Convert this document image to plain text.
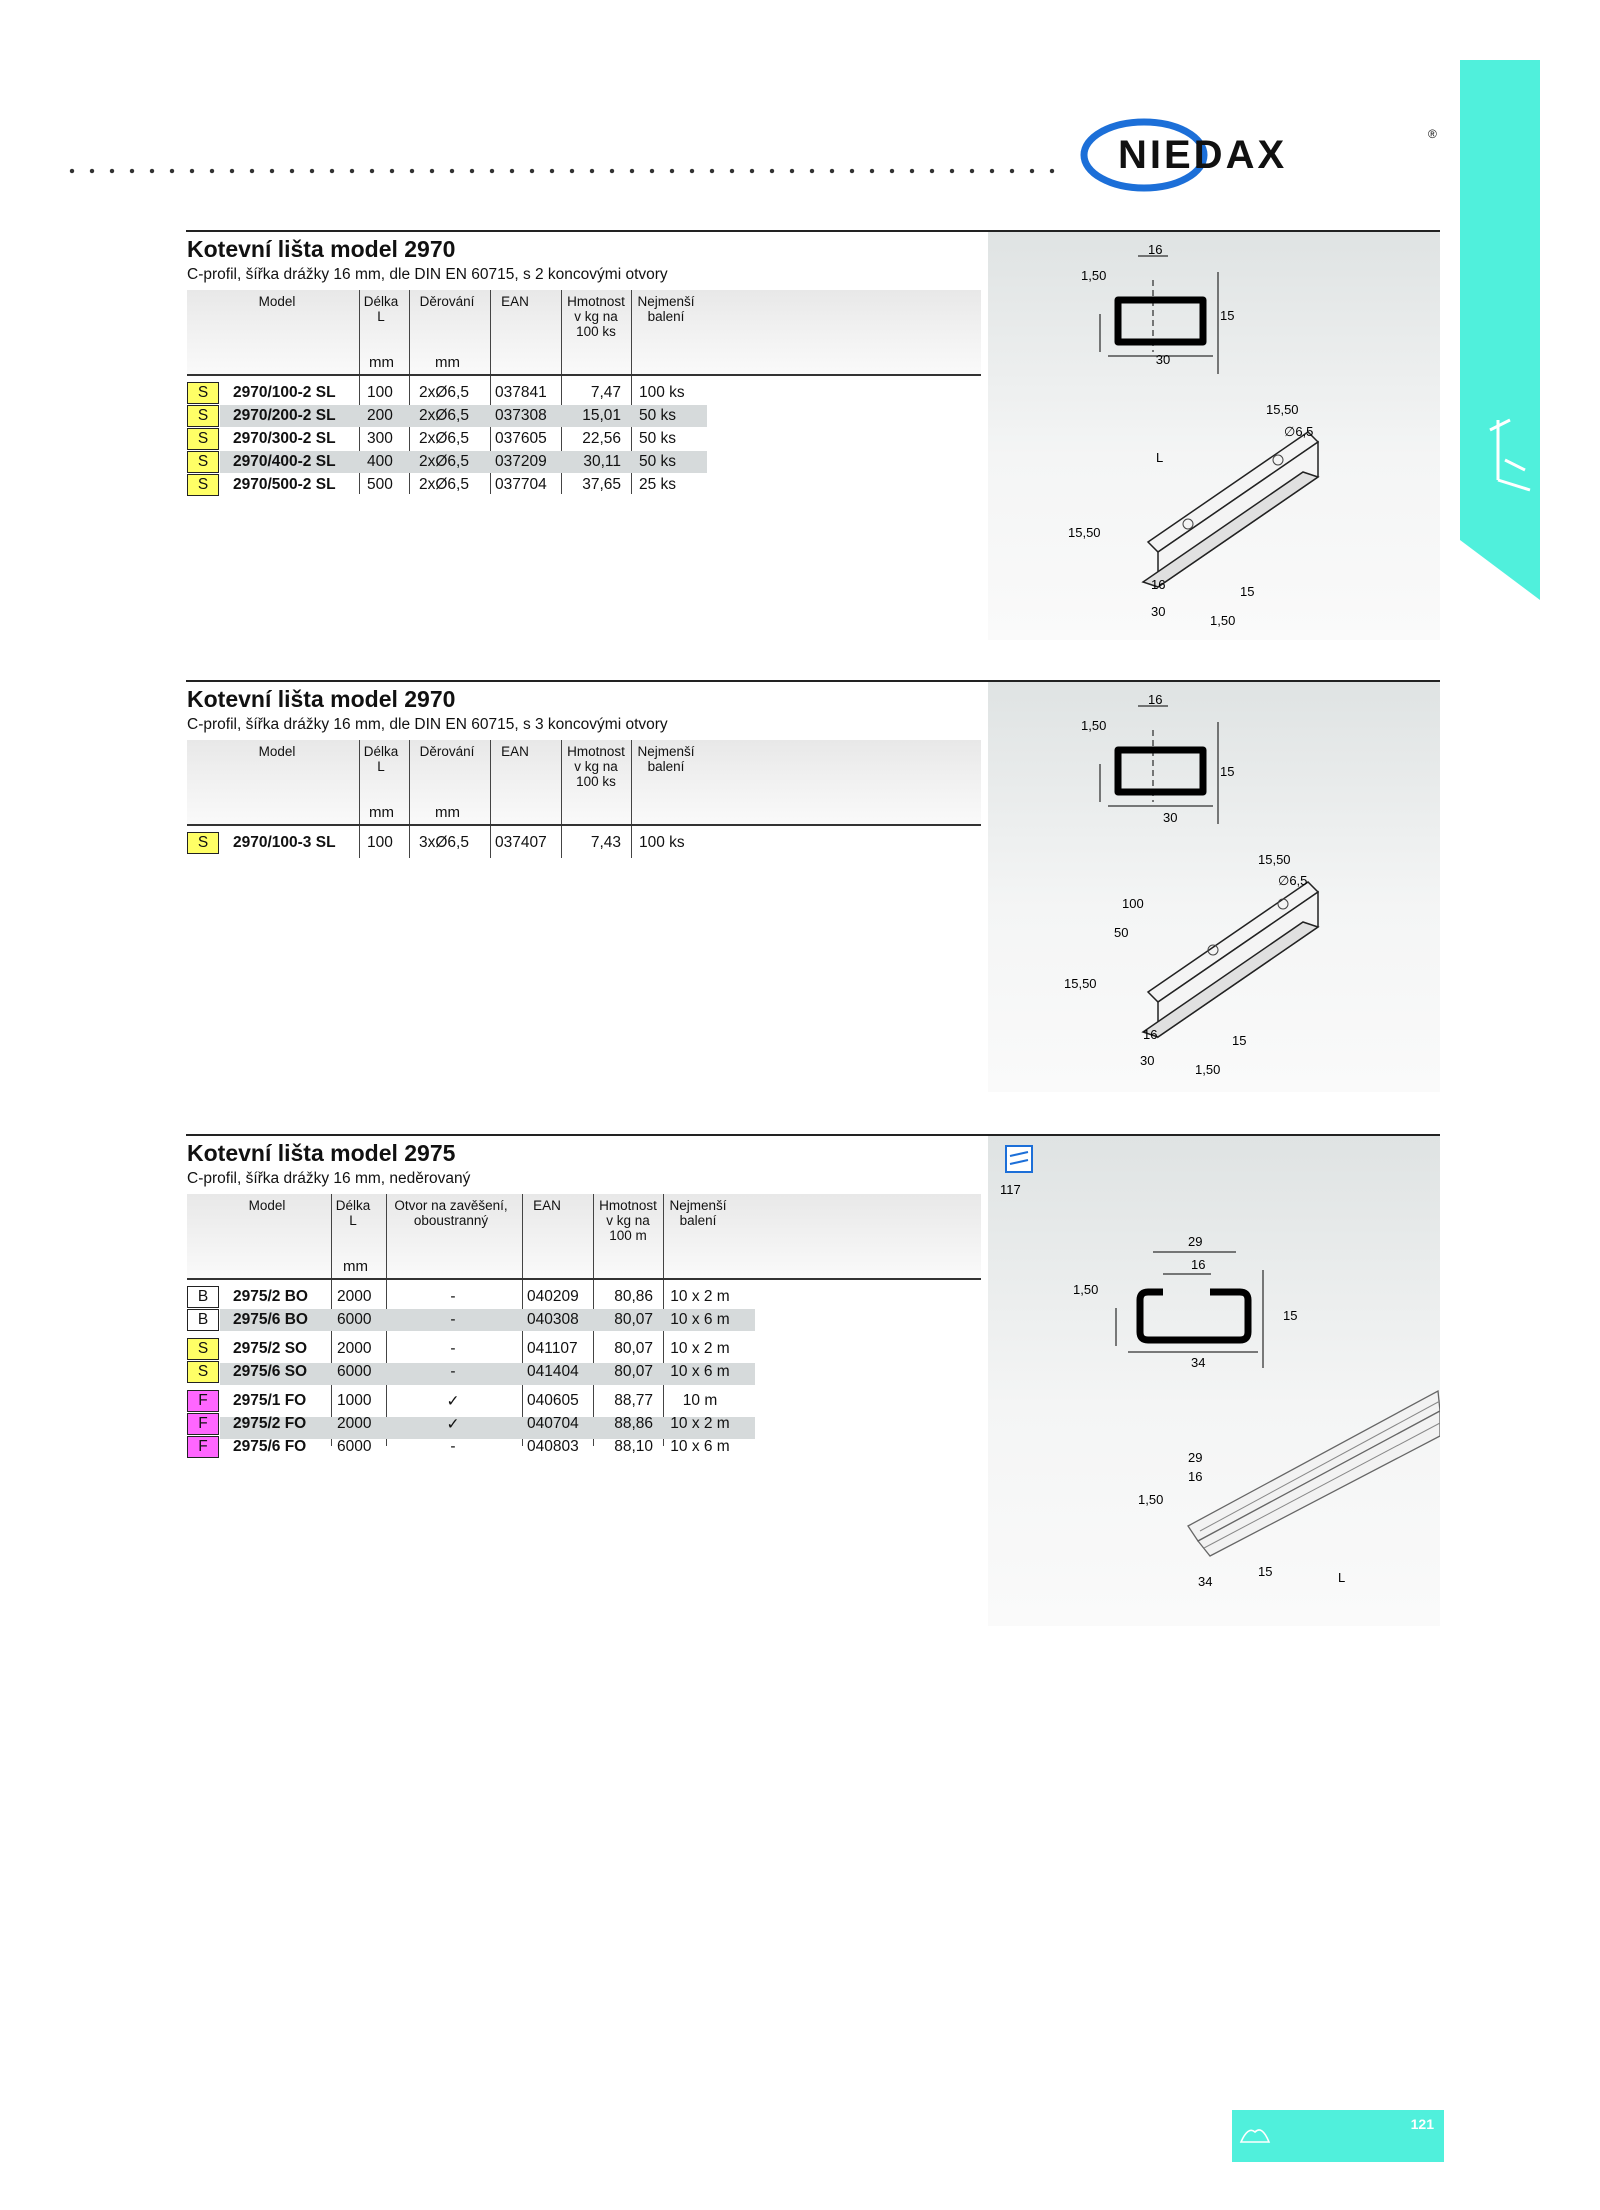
NIEDAX	®
Kotevní lišta model 2970
C-profil, šířka drážky 16 mm, dle DIN EN 60715, s 2 koncovými otvory
Model	Délka L
Děrování	EAN	Hmotnost v kg na 100 ks
Nejmenší balení
mm	mm
S	2970/100-2 SL 100 2xØ6,5 037841	7,47 100 ks
S	2970/200-2 SL 200 2xØ6,5 037308	15,01 50 ks
S	2970/300-2 SL 300 2xØ6,5 037605	22,56 50 ks
S	2970/400-2 SL 400 2xØ6,5 037209	30,11 50 ks
S	2970/500-2 SL 500 2xØ6,5 037704	37,65 25 ks
30
16
1,50
15
15,50
∅6,5
L
15,50
16	15
30
1,50
Kotevní lišta model 2970
C-profil, šířka drážky 16 mm, dle DIN EN 60715, s 3 koncovými otvory
Model	Délka L
Děrování	EAN	Hmotnost v kg na 100 ks
Nejmenší balení
mm	mm
S	2970/100-3 SL 100 3xØ6,5 037407	7,43 100 ks
30
16
1,50
15
15,50
∅6,5
100
50
15,50
16	15
30
1,50
Kotevní lišta model 2975
C-profil, šířka drážky 16 mm, neděrovaný
Model	Délka L
Otvor na zavěšení, oboustranný
EAN	Hmotnost v kg na 100 m
Nejmenší balení
mm
B	2975/2 BO 2000	-	040209	80,86	10 x 2 m
B	2975/6 BO 6000	-	040308	80,07	10 x 6 m
S	2975/2 SO 2000	-	041107	80,07	10 x 2 m
S	2975/6 SO 6000	-	041404	80,07	10 x 6 m
F	2975/1 FO 1000	✓	040605	88,77	10 m
F	2975/2 FO 2000	✓	040704	88,86	10 x 2 m
F	2975/6 FO 6000	-	040803	88,10	10 x 6 m
117
29
16
1,50
15
34
29
16
1,50
15
34	L
121
